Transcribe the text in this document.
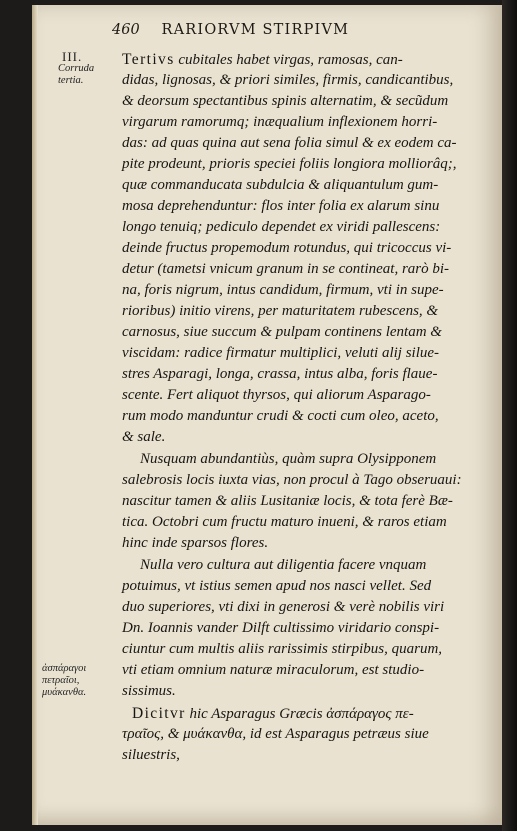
460 RARIORVM STIRPIVM
III.
Corruda
tertia.
ἀσπάραγοι
πετραῖοι,
μυάκανθα.
Tertivs cubitales habet virgas, ramosas, can-
didas, lignosas, & priori similes, firmis, candicantibus,
& deorsum spectantibus spinis alternatim, & secũdum
virgarum ramorumq; inæqualium inflexionem horri-
das: ad quas quina aut sena folia simul & ex eodem ca-
pite prodeunt, prioris speciei foliis longiora molliorâq;,
quæ commanducata subdulcia & aliquantulum gum-
mosa deprehenduntur: flos inter folia ex alarum sinu
longo tenuiq; pediculo dependet ex viridi pallescens:
deinde fructus propemodum rotundus, qui tricoccus vi-
detur (tametsi vnicum granum in se contineat, rarò bi-
na, foris nigrum, intus candidum, firmum, vti in supe-
rioribus) initio virens, per maturitatem rubescens, &
carnosus, siue succum & pulpam continens lentam &
viscidam: radice firmatur multiplici, veluti alij silue-
stres Asparagi, longa, crassa, intus alba, foris flaue-
scente. Fert aliquot thyrsos, qui aliorum Asparago-
rum modo manduntur crudi & cocti cum oleo, aceto,
& sale.
Nusquam abundantiùs, quàm supra Olysipponem
salebrosis locis iuxta vias, non procul à Tago obseruaui:
nascitur tamen & aliis Lusitaniæ locis, & tota ferè Bæ-
tica. Octobri cum fructu maturo inueni, & raros etiam
hinc inde sparsos flores.
Nulla vero cultura aut diligentia facere vnquam
potuimus, vt istius semen apud nos nasci vellet. Sed
duo superiores, vti dixi in generosi & verè nobilis viri
Dn. Ioannis vander Dilft cultissimo viridario conspi-
ciuntur cum multis aliis rarissimis stirpibus, quarum,
vti etiam omnium naturæ miraculorum, est studio-
sissimus.
Dicitvr hic Asparagus Græcis ἀσπάραγος πε-
τραῖος, & μυάκανθα, id est Asparagus petræus siue
siluestris,
